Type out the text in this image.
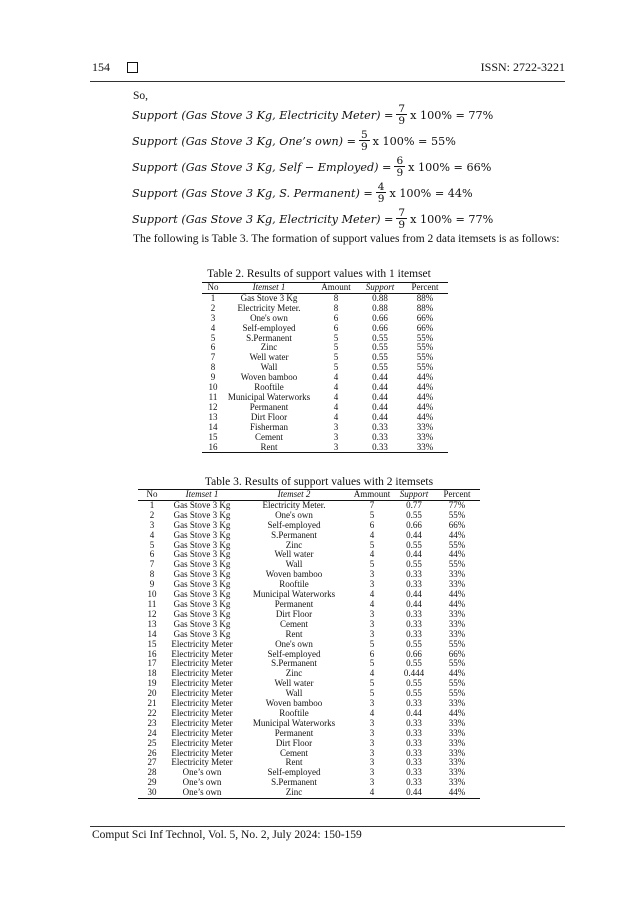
154	ISSN: 2722-3221
So,
Support (Gas Stove 3 Kg, Electricity Meter) = $\frac{7}{9}$ x 100% = 77%
Support (Gas Stove 3 Kg, One’s $own) = \frac{5}{9}$ x 100% = 55%
Support (Gas Stove 3 Kg, Self − Employed) = $\frac{6}{9}$ x 100% = 66%
Support (Gas Stove 3 Kg, S. Permanent) = $\frac{4}{9}$ x 100% = 44%
Support (Gas Stove 3 Kg, Electricity Meter) = $\frac{7}{9}$ x 100% = 77%
The following is Table 3. The formation of support values from 2 data itemsets is as follows:
Table 2. Results of support values with 1 itemset
No	Itemset 1	Amount	Support	Percent
1	Gas Stove 3 Kg	8	0.88	88%
2	Electricity Meter.	8	0.88	88%
3	One's own	6	0.66	66%
4	Self-employed	6	0.66	66%
5	S.Permanent	5	0.55	55%
6	Zinc	5	0.55	55%
7	Well water	5	0.55	55%
8	Wall	5	0.55	55%
9	Woven bamboo	4	0.44	44%
10	Rooftile	4	0.44	44%
11	Municipal Waterworks	4	0.44	44%
12	Permanent	4	0.44	44%
13	Dirt Floor	4	0.44	44%
14	Fisherman	3	0.33	33%
15	Cement	3	0.33	33%
16	Rent	3	0.33	33%
Table 3. Results of support values with 2 itemsets
No	Itemset 1	Itemset 2	Ammount	Support	Percent
1	Gas Stove 3 Kg	Electricity Meter.	7	0.77	77%
2	Gas Stove 3 Kg	One's own	5	0.55	55%
3	Gas Stove 3 Kg	Self-employed	6	0.66	66%
4	Gas Stove 3 Kg	S.Permanent	4	0.44	44%
5	Gas Stove 3 Kg	Zinc	5	0.55	55%
6	Gas Stove 3 Kg	Well water	4	0.44	44%
7	Gas Stove 3 Kg	Wall	5	0.55	55%
8	Gas Stove 3 Kg	Woven bamboo	3	0.33	33%
9	Gas Stove 3 Kg	Rooftile	3	0.33	33%
10	Gas Stove 3 Kg	Municipal Waterworks	4	0.44	44%
11	Gas Stove 3 Kg	Permanent	4	0.44	44%
12	Gas Stove 3 Kg	Dirt Floor	3	0.33	33%
13	Gas Stove 3 Kg	Cement	3	0.33	33%
14	Gas Stove 3 Kg	Rent	3	0.33	33%
15	Electricity Meter	One's own	5	0.55	55%
16	Electricity Meter	Self-employed	6	0.66	66%
17	Electricity Meter	S.Permanent	5	0.55	55%
18	Electricity Meter	Zinc	4	0.444	44%
19	Electricity Meter	Well water	5	0.55	55%
20	Electricity Meter	Wall	5	0.55	55%
21	Electricity Meter	Woven bamboo	3	0.33	33%
22	Electricity Meter	Rooftile	4	0.44	44%
23	Electricity Meter	Municipal Waterworks	3	0.33	33%
24	Electricity Meter	Permanent	3	0.33	33%
25	Electricity Meter	Dirt Floor	3	0.33	33%
26	Electricity Meter	Cement	3	0.33	33%
27	Electricity Meter	Rent	3	0.33	33%
28	One’s own	Self-employed	3	0.33	33%
29	One’s own	S.Permanent	3	0.33	33%
30	One’s own	Zinc	4	0.44	44%
Comput Sci Inf Technol, Vol. 5, No. 2, July 2024: 150-159
